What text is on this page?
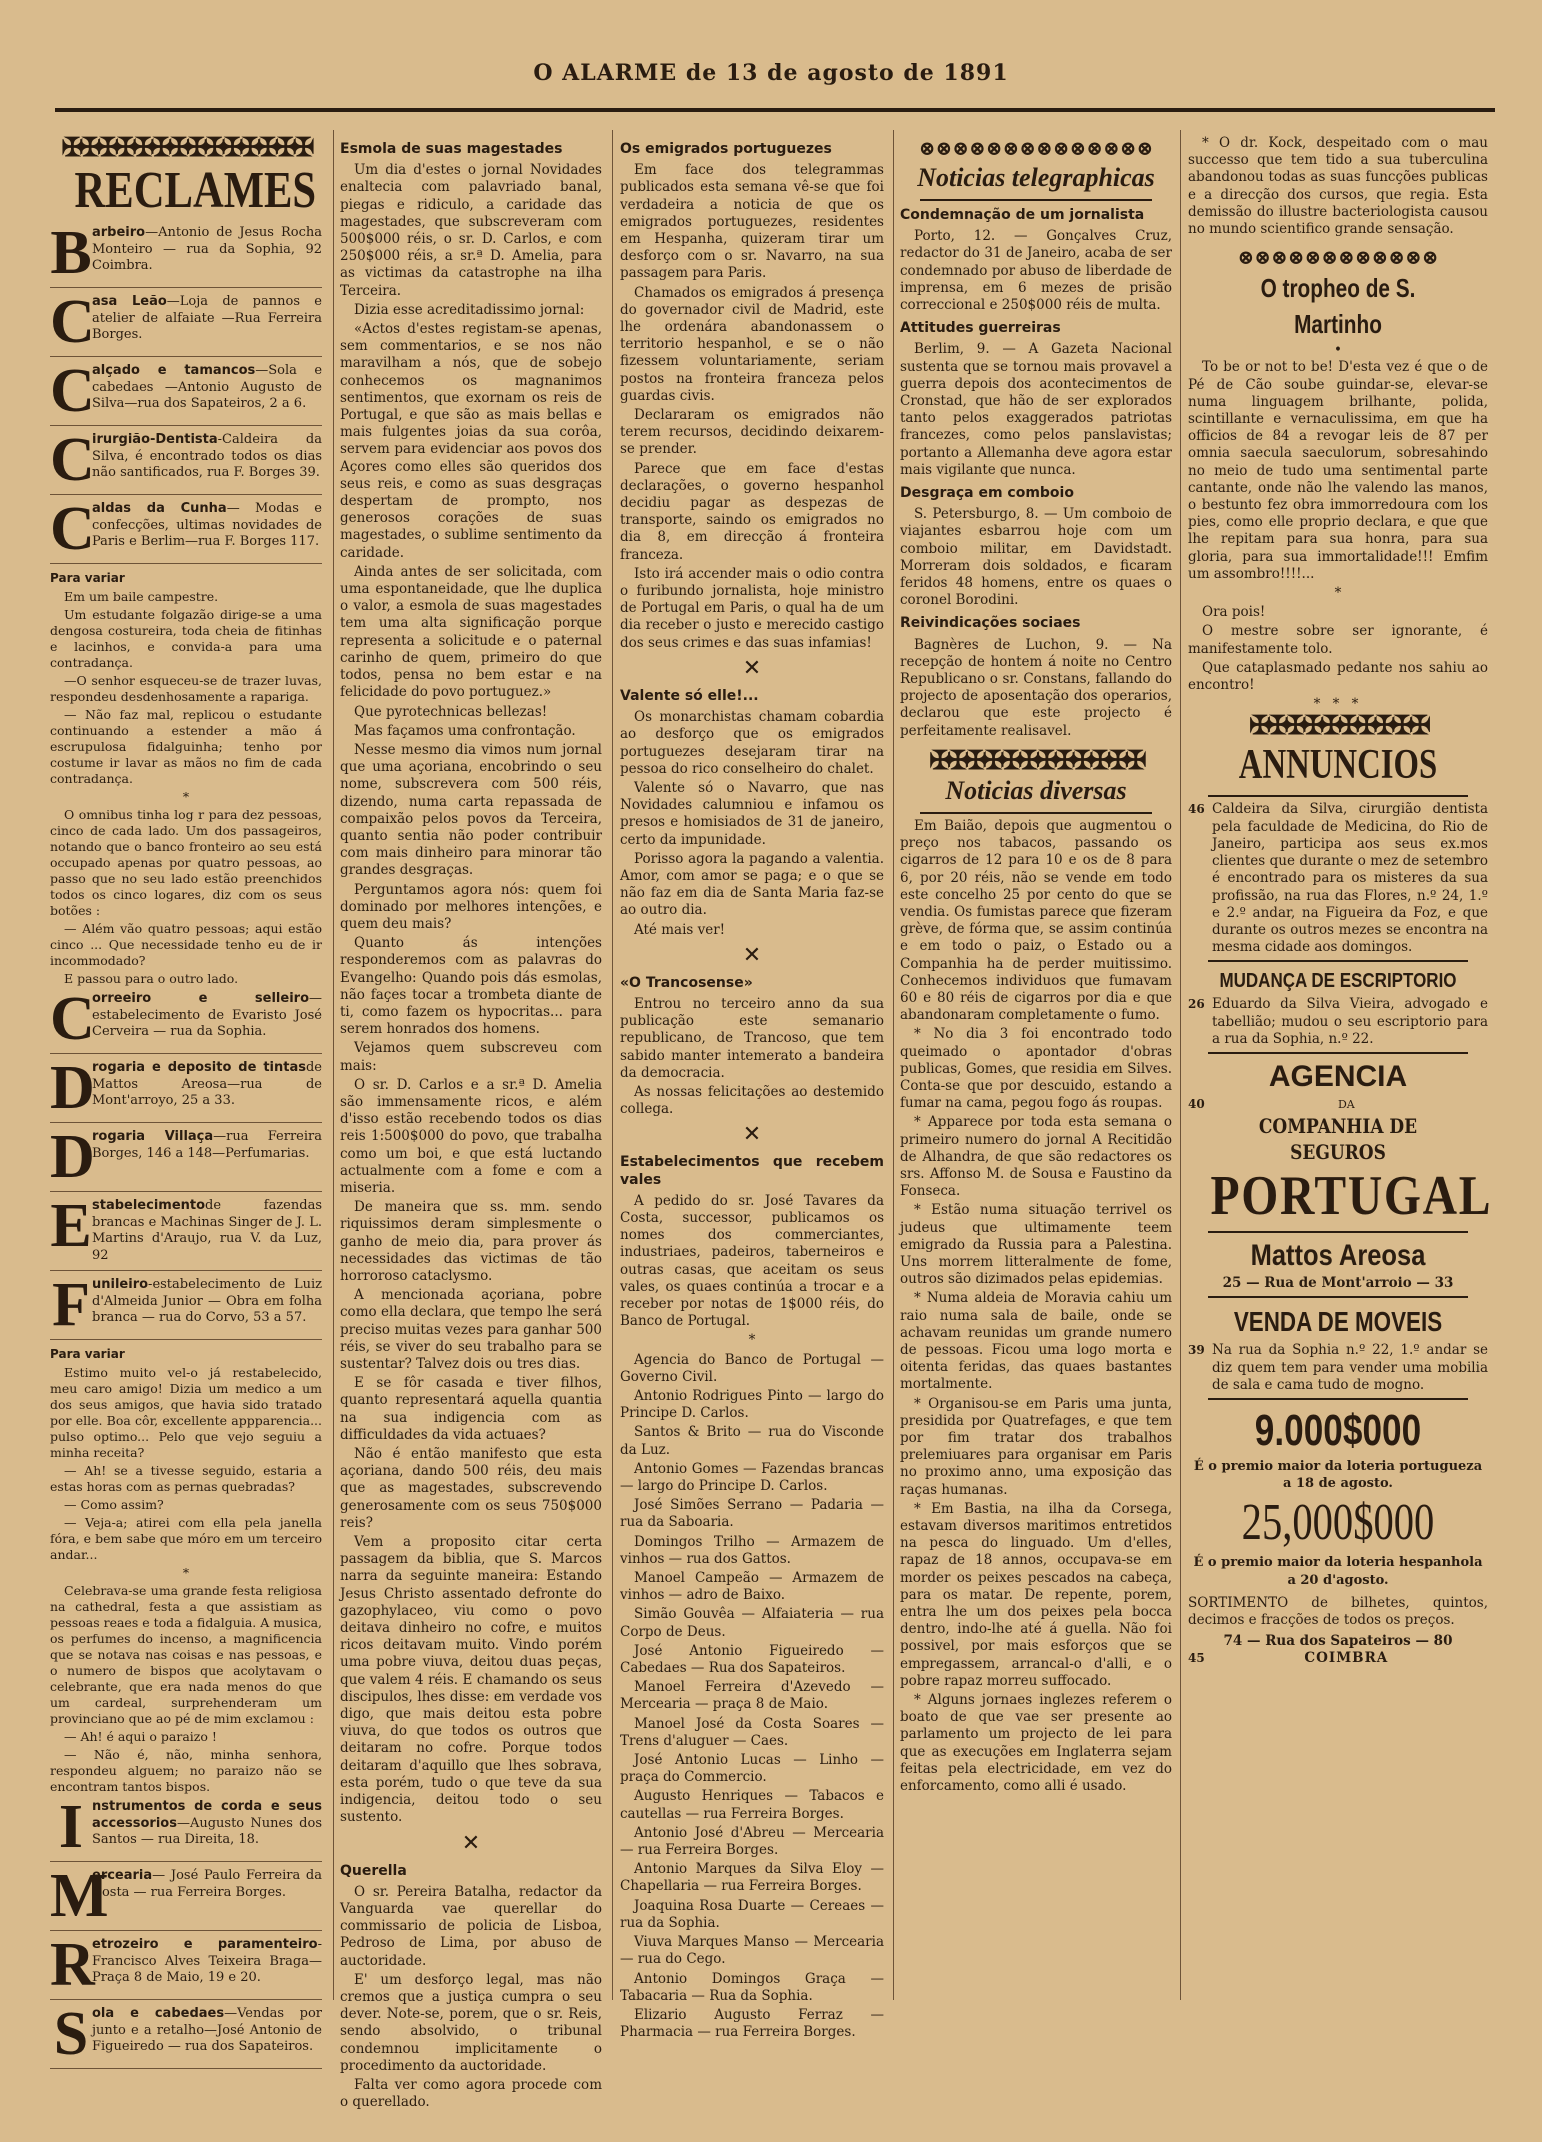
O ALARME de 13 de agosto de 1891
✠✠✠✠✠✠✠✠✠✠✠✠✠✠
RECLAMES
B arbeiro—Antonio de Jesus Rocha Monteiro — rua da Sophia, 92 Coimbra.
C
asa Leão—Loja de pannos e atelier de alfaiate —Rua Ferreira Borges.
C
alçado e tamancos—Sola e cabedaes —Antonio Augusto de Silva—rua dos Sapateiros, 2 a 6.
C
irurgião-Dentista-Caldeira da Silva, é encontrado todos os dias não santificados, rua F. Borges 39.
C
aldas da Cunha— Modas e confecções, ultimas novidades de Paris e Berlim—rua F. Borges 117.
Para variar

Em um baile campestre.

Um estudante folgazão dirige-se a uma dengosa costureira, toda cheia de fitinhas e lacinhos, e convida-a para uma contradança.

—O senhor esqueceu-se de trazer luvas, respondeu desdenhosamente a rapariga.

— Não faz mal, replicou o estudante continuando a estender a mão á escrupulosa fidalguinha; tenho por costume ir lavar as mãos no fim de cada contradança.

*

O omnibus tinha log r para dez pessoas, cinco de cada lado. Um dos passageiros, notando que o banco fronteiro ao seu está occupado apenas por quatro pessoas, ao passo que no seu lado estão preenchidos todos os cinco logares, diz com os seus botões :

— Além vão quatro pessoas; aqui estão cinco ... Que necessidade tenho eu de ir incommodado?

E passou para o outro lado.

C
orreeiro e selleiro—estabelecimento de Evaristo José Cerveira — rua da Sophia.
D
rogaria e deposito de tintasde Mattos Areosa—rua de Mont'arroyo, 25 a 33.
D
rogaria Villaça—rua Ferreira Borges, 146 a 148—Perfumarias.
E stabelecimentode fazendas brancas e Machinas Singer de J. L. Martins d'Araujo, rua V. da Luz, 92
F unileiro-estabelecimento de Luiz d'Almeida Junior — Obra em folha branca — rua do Corvo, 53 a 57.
Para variar

Estimo muito vel-o já restabelecido, meu caro amigo! Dizia um medico a um dos seus amigos, que havia sido tratado por elle. Boa côr, excellente appparencia... pulso optimo... Pelo que vejo seguiu a minha receita?

— Ah! se a tivesse seguido, estaria a estas horas com as pernas quebradas?

— Como assim?

— Veja-a; atirei com ella pela janella fóra, e bem sabe que móro em um terceiro andar...

*

Celebrava-se uma grande festa religiosa na cathedral, festa a que assistiam as pessoas reaes e toda a fidalguia. A musica, os perfumes do incenso, a magnificencia que se notava nas coisas e nas pessoas, e o numero de bispos que acolytavam o celebrante, que era nada menos do que um cardeal, surprehenderam um provinciano que ao pé de mim exclamou :

— Ah! é aqui o paraizo !

— Não é, não, minha senhora, respondeu alguem; no paraizo não se encontram tantos bispos.

I nstrumentos de corda e seus accessorios—Augusto Nunes dos Santos — rua Direita, 18.
M
ercearia— José Paulo Ferreira da Costa — rua Ferreira Borges.
R
etrozeiro e paramenteiro-Francisco Alves Teixeira Braga—Praça 8 de Maio, 19 e 20.
S ola e cabedaes—Vendas por junto e a retalho—José Antonio de Figueiredo — rua dos Sapateiros.
Esmola de suas magestades

Um dia d'estes o jornal Novidades enaltecia com palavriado banal, piegas e ridiculo, a caridade das magestades, que subscreveram com 500$000 réis, o sr. D. Carlos, e com 250$000 réis, a sr.ª D. Amelia, para as victimas da catastrophe na ilha Terceira.

Dizia esse acreditadissimo jornal:

«Actos d'estes registam-se apenas, sem commentarios, e se nos não maravilham a nós, que de sobejo conhecemos os magnanimos sentimentos, que exornam os reis de Portugal, e que são as mais bellas e mais fulgentes joias da sua corôa, servem para evidenciar aos povos dos Açores como elles são queridos dos seus reis, e como as suas desgraças despertam de prompto, nos generosos corações de suas magestades, o sublime sentimento da caridade.

Ainda antes de ser solicitada, com uma espontaneidade, que lhe duplica o valor, a esmola de suas magestades tem uma alta significação porque representa a solicitude e o paternal carinho de quem, primeiro do que todos, pensa no bem estar e na felicidade do povo portuguez.»

Que pyrotechnicas bellezas!

Mas façamos uma confrontação.

Nesse mesmo dia vimos num jornal que uma açoriana, encobrindo o seu nome, subscrevera com 500 réis, dizendo, numa carta repassada de compaixão pelos povos da Terceira, quanto sentia não poder contribuir com mais dinheiro para minorar tão grandes desgraças.

Perguntamos agora nós: quem foi dominado por melhores intenções, e quem deu mais?

Quanto ás intenções responderemos com as palavras do Evangelho: Quando pois dás esmolas, não façes tocar a trombeta diante de ti, como fazem os hypocritas... para serem honrados dos homens.

Vejamos quem subscreveu com mais:

O sr. D. Carlos e a sr.ª D. Amelia são immensamente ricos, e além d'isso estão recebendo todos os dias reis 1:500$000 do povo, que trabalha como um boi, e que está luctando actualmente com a fome e com a miseria.

De maneira que ss. mm. sendo riquissimos deram simplesmente o ganho de meio dia, para prover ás necessidades das victimas de tão horroroso cataclysmo.

A mencionada açoriana, pobre como ella declara, que tempo lhe será preciso muitas vezes para ganhar 500 réis, se viver do seu trabalho para se sustentar? Talvez dois ou tres dias.

E se fôr casada e tiver filhos, quanto representará aquella quantia na sua indigencia com as difficuldades da vida actuaes?

Não é então manifesto que esta açoriana, dando 500 réis, deu mais que as magestades, subscrevendo generosamente com os seus 750$000 reis?

Vem a proposito citar certa passagem da biblia, que S. Marcos narra da seguinte maneira: Estando Jesus Christo assentado defronte do gazophylaceo, viu como o povo deitava dinheiro no cofre, e muitos ricos deitavam muito. Vindo porém uma pobre viuva, deitou duas peças, que valem 4 réis. E chamando os seus discipulos, lhes disse: em verdade vos digo, que mais deitou esta pobre viuva, do que todos os outros que deitaram no cofre. Porque todos deitaram d'aquillo que lhes sobrava, esta porém, tudo o que teve da sua indigencia, deitou todo o seu sustento.

✕
Querella

O sr. Pereira Batalha, redactor da Vanguarda vae querellar do commissario de policia de Lisboa, Pedroso de Lima, por abuso de auctoridade.

E' um desforço legal, mas não cremos que a justiça cumpra o seu dever. Note-se, porem, que o sr. Reis, sendo absolvido, o tribunal condemnou implicitamente o procedimento da auctoridade.

Falta ver como agora procede com o querellado.

Os emigrados portuguezes

Em face dos telegrammas publicados esta semana vê-se que foi verdadeira a noticia de que os emigrados portuguezes, residentes em Hespanha, quizeram tirar um desforço com o sr. Navarro, na sua passagem para Paris.

Chamados os emigrados á presença do governador civil de Madrid, este lhe ordenára abandonassem o territorio hespanhol, e se o não fizessem voluntariamente, seriam postos na fronteira franceza pelos guardas civis.

Declararam os emigrados não terem recursos, decidindo deixarem-se prender.

Parece que em face d'estas declarações, o governo hespanhol decidiu pagar as despezas de transporte, saindo os emigrados no dia 8, em direcção á fronteira franceza.

Isto irá accender mais o odio contra o furibundo jornalista, hoje ministro de Portugal em Paris, o qual ha de um dia receber o justo e merecido castigo dos seus crimes e das suas infamias!

✕
Valente só elle!...

Os monarchistas chamam cobardia ao desforço que os emigrados portuguezes desejaram tirar na pessoa do rico conselheiro do chalet.

Valente só o Navarro, que nas Novidades calumniou e infamou os presos e homisiados de 31 de janeiro, certo da impunidade.

Porisso agora la pagando a valentia. Amor, com amor se paga; e o que se não faz em dia de Santa Maria faz-se ao outro dia.

Até mais ver!

✕
«O Trancosense»

Entrou no terceiro anno da sua publicação este semanario republicano, de Trancoso, que tem sabido manter intemerato a bandeira da democracia.

As nossas felicitações ao destemido collega.

✕
Estabelecimentos que recebem vales

A pedido do sr. José Tavares da Costa, successor, publicamos os nomes dos commerciantes, industriaes, padeiros, taberneiros e outras casas, que aceitam os seus vales, os quaes continúa a trocar e a receber por notas de 1$000 réis, do Banco de Portugal.

*

Agencia do Banco de Portugal — Governo Civil.

Antonio Rodrigues Pinto — largo do Principe D. Carlos.

Santos & Brito — rua do Visconde da Luz.

Antonio Gomes — Fazendas brancas — largo do Principe D. Carlos.

José Simões Serrano — Padaria — rua da Saboaria.

Domingos Trilho — Armazem de vinhos — rua dos Gattos.

Manoel Campeão — Armazem de vinhos — adro de Baixo.

Simão Gouvêa — Alfaiateria — rua Corpo de Deus.

José Antonio Figueiredo — Cabedaes — Rua dos Sapateiros.

Manoel Ferreira d'Azevedo — Mercearia — praça 8 de Maio.

Manoel José da Costa Soares — Trens d'aluguer — Caes.

José Antonio Lucas — Linho — praça do Commercio.

Augusto Henriques — Tabacos e cautellas — rua Ferreira Borges.

Antonio José d'Abreu — Mercearia — rua Ferreira Borges.

Antonio Marques da Silva Eloy — Chapellaria — rua Ferreira Borges.

Joaquina Rosa Duarte — Cereaes — rua da Sophia.

Viuva Marques Manso — Mercearia — rua do Cego.

Antonio Domingos Graça — Tabacaria — Rua da Sophia.

Elizario Augusto Ferraz — Pharmacia — rua Ferreira Borges.

⊗⊗⊗⊗⊗⊗⊗⊗⊗⊗⊗⊗⊗⊗
Noticias telegraphicas
Condemnação de um jornalista

Porto, 12. — Gonçalves Cruz, redactor do 31 de Janeiro, acaba de ser condemnado por abuso de liberdade de imprensa, em 6 mezes de prisão correccional e 250$000 réis de multa.

Attitudes guerreiras

Berlim, 9. — A Gazeta Nacional sustenta que se tornou mais provavel a guerra depois dos acontecimentos de Cronstad, que hão de ser explorados tanto pelos exaggerados patriotas francezes, como pelos panslavistas; portanto a Allemanha deve agora estar mais vigilante que nunca.

Desgraça em comboio

S. Petersburgo, 8. — Um comboio de viajantes esbarrou hoje com um comboio militar, em Davidstadt. Morreram dois soldados, e ficaram feridos 48 homens, entre os quaes o coronel Borodini.

Reivindicações sociaes

Bagnères de Luchon, 9. — Na recepção de hontem á noite no Centro Republicano o sr. Constans, fallando do projecto de aposentação dos operarios, declarou que este projecto é perfeitamente realisavel.

✠✠✠✠✠✠✠✠✠✠✠✠
Noticias diversas

Em Baião, depois que augmentou o preço nos tabacos, passando os cigarros de 12 para 10 e os de 8 para 6, por 20 réis, não se vende em todo este concelho 25 por cento do que se vendia. Os fumistas parece que fizeram grève, de fórma que, se assim continúa e em todo o paiz, o Estado ou a Companhia ha de perder muitissimo. Conhecemos individuos que fumavam 60 e 80 réis de cigarros por dia e que abandonaram completamente o fumo.

* No dia 3 foi encontrado todo queimado o apontador d'obras publicas, Gomes, que residia em Silves. Conta-se que por descuido, estando a fumar na cama, pegou fogo ás roupas.

* Apparece por toda esta semana o primeiro numero do jornal A Recitidão de Alhandra, de que são redactores os srs. Affonso M. de Sousa e Faustino da Fonseca.

* Estão numa situação terrivel os judeus que ultimamente teem emigrado da Russia para a Palestina. Uns morrem litteralmente de fome, outros são dizimados pelas epidemias.

* Numa aldeia de Moravia cahiu um raio numa sala de baile, onde se achavam reunidas um grande numero de pessoas. Ficou uma logo morta e oitenta feridas, das quaes bastantes mortalmente.

* Organisou-se em Paris uma junta, presidida por Quatrefages, e que tem por fim tratar dos trabalhos prelemiuares para organisar em Paris no proximo anno, uma exposição das raças humanas.

* Em Bastia, na ilha da Corsega, estavam diversos maritimos entretidos na pesca do linguado. Um d'elles, rapaz de 18 annos, occupava-se em morder os peixes pescados na cabeça, para os matar. De repente, porem, entra lhe um dos peixes pela bocca dentro, indo-lhe até á guella. Não foi possivel, por mais esforços que se empregassem, arrancal-o d'alli, e o pobre rapaz morreu suffocado.

* Alguns jornaes inglezes referem o boato de que vae ser presente ao parlamento um projecto de lei para que as execuções em Inglaterra sejam feitas pela electricidade, em vez do enforcamento, como alli é usado.

* O dr. Kock, despeitado com o mau successo que tem tido a sua tuberculina abandonou todas as suas funcções publicas e a direcção dos cursos, que regia. Esta demissão do illustre bacteriologista causou no mundo scientifico grande sensação.

⊗⊗⊗⊗⊗⊗⊗⊗⊗⊗⊗⊗
O tropheo de S. Martinho
•

To be or not to be! D'esta vez é que o de Pé de Cão soube guindar-se, elevar-se numa linguagem brilhante, polida, scintillante e vernaculissima, em que ha officios de 84 a revogar leis de 87 per omnia saecula saeculorum, sobresahindo no meio de tudo uma sentimental parte cantante, onde não lhe valendo las manos, o bestunto fez obra immorredoura com los pies, como elle proprio declara, e que que lhe repitam para sua honra, para sua gloria, para sua immortalidade!!! Emfim um assombro!!!!...

*

Ora pois!

O mestre sobre ser ignorante, é manifestamente tolo.

Que cataplasmado pedante nos sahiu ao encontro!

* * *
✠✠✠✠✠✠✠✠✠✠
ANNUNCIOS
46 Caldeira da Silva, cirurgião dentista pela faculdade de Medicina, do Rio de Janeiro, participa aos seus ex.mos clientes que durante o mez de setembro é encontrado para os misteres da sua profissão, na rua das Flores, n.º 24, 1.º e 2.º andar, na Figueira da Foz, e que durante os outros mezes se encontra na mesma cidade aos domingos.
MUDANÇA DE ESCRIPTORIO
26 Eduardo da Silva Vieira, advogado e tabellião; mudou o seu escriptorio para a rua da Sophia, n.º 22.
AGENCIA
40	DA
COMPANHIA DE SEGUROS
PORTUGAL
Mattos Areosa
25 — Rua de Mont'arroio — 33
VENDA DE MOVEIS
39 Na rua da Sophia n.º 22, 1.º andar se diz quem tem para vender uma mobilia de sala e cama tudo de mogno.
9.000$000
É o premio maior da loteria portugueza a 18 de agosto.
25,000$000
É o premio maior da loteria hespanhola a 20 d'agosto.
SORTIMENTO de bilhetes, quintos, decimos e fracções de todos os preços.
74 — Rua dos Sapateiros — 80
45	COIMBRA
